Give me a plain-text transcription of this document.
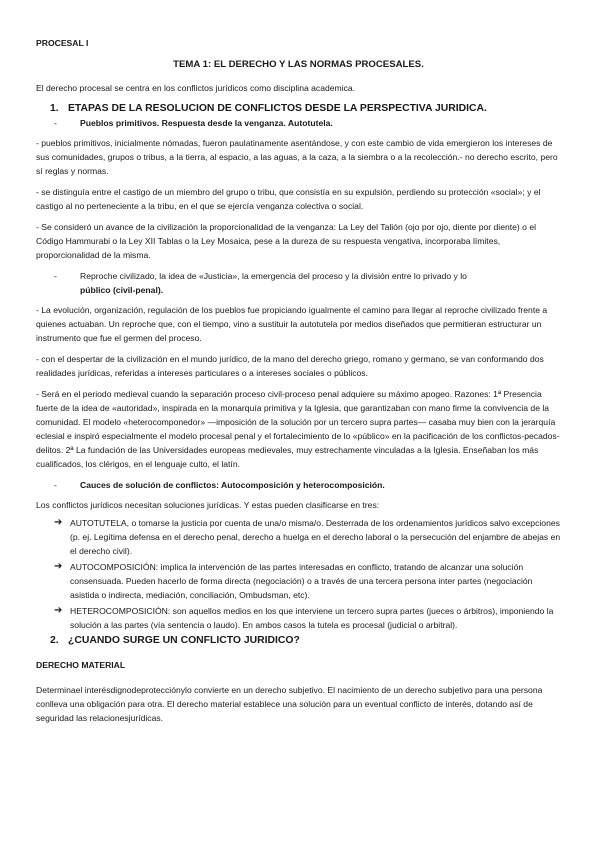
PROCESAL I
TEMA 1: EL DERECHO Y LAS NORMAS PROCESALES.

El derecho procesal se centra en los conflictos jurídicos como disciplina academica.

1. ETAPAS DE LA RESOLUCION DE CONFLICTOS DESDE LA PERSPECTIVA JURIDICA.
-	Pueblos primitivos. Respuesta desde la venganza. Autotutela.

- pueblos primitivos, inicialmente nómadas, fueron paulatinamente asentándose, y con este cambio de vida emergieron los intereses de sus comunidades, grupos o tribus, a la tierra, al espacio, a las aguas, a la caza, a la siembra o a la recolección.- no derecho escrito, pero sí reglas y normas.

- se distinguía entre el castigo de un miembro del grupo o tribu, que consistía en su expulsión, perdiendo su protección «social»; y el castigo al no perteneciente a la tribu, en el que se ejercía venganza colectiva o social.

- Se consideró un avance de la civilización la proporcionalidad de la venganza: La Ley del Talión (ojo por ojo, diente por diente) o el Código Hammurabi o la Ley XII Tablas o la Ley Mosaica, pese a la dureza de su respuesta vengativa, incorporaba límites, proporcionalidad de la misma.

-	Reproche civilizado, la idea de «Justicia», la emergencia del proceso y la división entre lo privado y lo
público (civil-penal).

- La evolución, organización, regulación de los pueblos fue propiciando igualmente el camino para llegar al reproche civilizado frente a quienes actuaban. Un reproche que, con el tiempo, vino a sustituir la autotutela por medios diseñados que permitieran estructurar un instrumento que fue el germen del proceso.

- con el despertar de la civilización en el mundo jurídico, de la mano del derecho griego, romano y germano, se van conformando dos realidades jurídicas, referidas a intereses particulares o a intereses sociales o públicos.

- Será en el periodo medieval cuando la separación proceso civil-proceso penal adquiere su máximo apogeo. Razones: 1ª Presencia fuerte de la idea de «autoridad», inspirada en la monarquía primitiva y la Iglesia, que garantizaban con mano firme la convivencia de la comunidad. El modelo «heterocomponedor» —imposición de la solución por un tercero supra partes— casaba muy bien con la jerarquía eclesial e inspiró especialmente el modelo procesal penal y el fortalecimiento de lo «público» en la pacificación de los conflictos-pecados-delitos. 2ª La fundación de las Universidades europeas medievales, muy estrechamente vinculadas a la Iglesia. Enseñaban los más cualificados, los clérigos, en el lenguaje culto, el latín.

-	Cauces de solución de conflictos: Autocomposición y heterocomposición.

Los conflictos jurídicos necesitan soluciones jurídicas. Y estas pueden clasificarse en tres:

➔ AUTOTUTELA, o tomarse la justicia por cuenta de una/o misma/o. Desterrada de los ordenamientos jurídicos salvo excepciones (p. ej. Legítima defensa en el derecho penal, derecho a huelga en el derecho laboral o la persecución del enjambre de abejas en el derecho civil).
➔ AUTOCOMPOSICIÓN: implica la intervención de las partes interesadas en conflicto, tratando de alcanzar una solución consensuada. Pueden hacerlo de forma directa (negociación) o a través de una tercera persona inter partes (negociación asistida o indirecta, mediación, conciliación, Ombudsman, etc).
➔ HETEROCOMPOSICIÓN: son aquellos medios en los que interviene un tercero supra partes (jueces o árbitros), imponiendo la solución a las partes (vía sentencia o laudo). En ambos casos la tutela es procesal (judicial o arbitral).
2. ¿CUANDO SURGE UN CONFLICTO JURIDICO?
DERECHO MATERIAL

Determinael interésdignodeprotecciónylo convierte en un derecho subjetivo. El nacimiento de un derecho subjetivo para una persona conlleva una obligación para otra. El derecho material establece una solución para un eventual conflicto de interés, dotando así de seguridad las relacionesjurídicas.
